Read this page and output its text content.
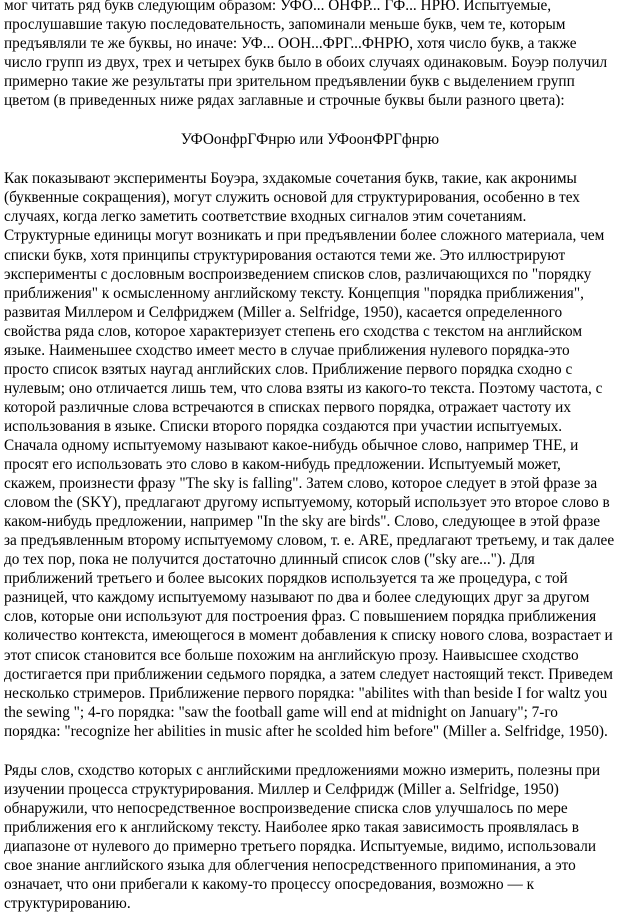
мог читать ряд букв следующим образом: УФО... ОНФР... ГФ... НРЮ. Испытуемые, прослушавшие такую последовательность, запоминали меньше букв, чем те, которым предъявляли те же буквы, но иначе: УФ... ООН...ФРГ...ФНРЮ, хотя число букв, а также число групп из двух, трех и четырех букв было в обоих случаях одинаковым. Боуэр получил примерно такие же результаты при зрительном предъявлении букв с выделением групп цветом (в приведенных ниже рядах заглавные и строчные буквы были разного цвета):

УФОонфрГФнрю или УФоонФРГфнрю

Как показывают эксперименты Боуэра, зхдакомые сочетания букв, такие, как акронимы (буквенные сокращения), могут служить основой для структурирования, особенно в тех случаях, когда легко заметить соответствие входных сигналов этим сочетаниям. Структурные единицы могут возникать и при предъявлении более сложного материала, чем списки букв, хотя принципы структурирования остаются теми же. Это иллюстрируют эксперименты с дословным воспроизведением списков слов, различающихся по "порядку приближения" к осмысленному английскому тексту. Концепция "порядка приближения", развитая Миллером и Селфриджем (Miller a. Selfridge, 1950), касается определенного свойства ряда слов, которое характеризует степень его сходства с текстом на английском языке. Наименьшее сходство имеет место в случае приближения нулевого порядка-это просто список взятых наугад английских слов. Приближение первого порядка сходно с нулевым; оно отличается лишь тем, что слова взяты из какого-то текста. Поэтому частота, с которой различные слова встречаются в списках первого порядка, отражает частоту их использования в языке. Списки второго порядка создаются при участии испытуемых. Сначала одному испытуемому называют какое-нибудь обычное слово, например THE, и просят его использовать это слово в каком-нибудь предложении. Испытуемый может, скажем, произнести фразу "The sky is falling". Затем слово, которое следует в этой фразе за словом the (SKY), предлагают другому испытуемому, который использует это второе слово в каком-нибудь предложении, например "In the sky are birds". Слово, следующее в этой фразе за предъявленным второму испытуемому словом, т. е. ARE, предлагают третьему, и так далее до тех пор, пока не получится достаточно длинный список слов ("sky are..."). Для приближений третьего и более высоких порядков используется та же процедура, с той разницей, что каждому испытуемому называют по два и более следующих друг за другом слов, которые они используют для построения фраз. С повышением порядка приближения количество контекста, имеющегося в момент добавления к списку нового слова, возрастает и этот список становится все больше похожим на английскую прозу. Наивысшее сходство достигается при приближении седьмого порядка, а затем следует настоящий текст. Приведем несколько стримеров. Приближение первого порядка: "abilites with than beside I for waltz you the sewing "; 4-го порядка: "saw the football game will end at midnight on January"; 7-го порядка: "recognize her abilities in music after he scolded him before" (Miller a. Selfridge, 1950).

Ряды слов, сходство которых с английскими предложениями можно измерить, полезны при изучении процесса структурирования. Миллер и Селфридж (Miller a. Selfridge, 1950) обнаружили, что непосредственное воспроизведение списка слов улучшалось по мере приближения его к английскому тексту. Наиболее ярко такая зависимость проявлялась в диапазоне от нулевого до примерно третьего порядка. Испытуемые, видимо, использовали свое знание английского языка для облегчения непосредственного припоминания, а это означает, что они прибегали к какому-то процессу опосредования, возможно — к структурированию.
